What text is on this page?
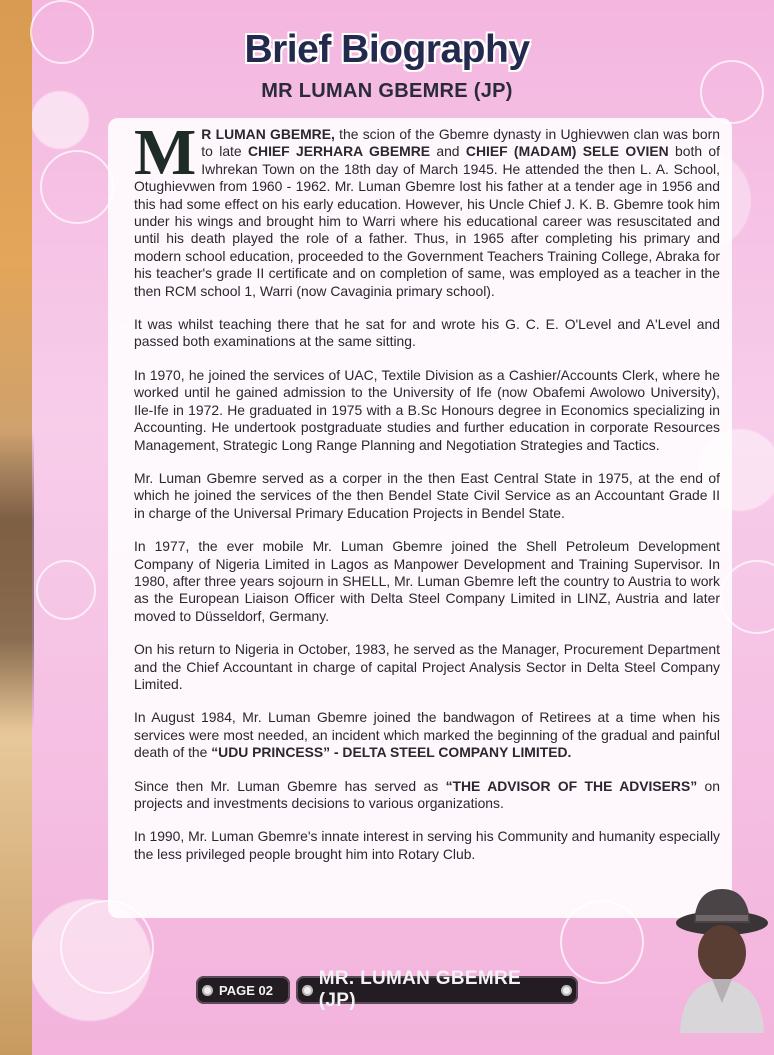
Brief Biography
MR LUMAN GBEMRE (JP)

M R LUMAN GBEMRE, the scion of the Gbemre dynasty in Ughievwen clan was born to late CHIEF JERHARA GBEMRE and CHIEF (MADAM) SELE OVIEN both of Iwhrekan Town on the 18th day of March 1945. He attended the then L. A. School, Otughievwen from 1960 - 1962. Mr. Luman Gbemre lost his father at a tender age in 1956 and this had some effect on his early education. However, his Uncle Chief J. K. B. Gbemre took him under his wings and brought him to Warri where his educational career was resuscitated and until his death played the role of a father. Thus, in 1965 after completing his primary and modern school education, proceeded to the Government Teachers Training College, Abraka for his teacher's grade II certificate and on completion of same, was employed as a teacher in the then RCM school 1, Warri (now Cavaginia primary school).

It was whilst teaching there that he sat for and wrote his G. C. E. O'Level and A'Level and passed both examinations at the same sitting.

In 1970, he joined the services of UAC, Textile Division as a Cashier/Accounts Clerk, where he worked until he gained admission to the University of Ife (now Obafemi Awolowo University), Ile-Ife in 1972. He graduated in 1975 with a B.Sc Honours degree in Economics specializing in Accounting. He undertook postgraduate studies and further education in corporate Resources Management, Strategic Long Range Planning and Negotiation Strategies and Tactics.

Mr. Luman Gbemre served as a corper in the then East Central State in 1975, at the end of which he joined the services of the then Bendel State Civil Service as an Accountant Grade II in charge of the Universal Primary Education Projects in Bendel State.

In 1977, the ever mobile Mr. Luman Gbemre joined the Shell Petroleum Development Company of Nigeria Limited in Lagos as Manpower Development and Training Supervisor. In 1980, after three years sojourn in SHELL, Mr. Luman Gbemre left the country to Austria to work as the European Liaison Officer with Delta Steel Company Limited in LINZ, Austria and later moved to Düsseldorf, Germany.

On his return to Nigeria in October, 1983, he served as the Manager, Procurement Department and the Chief Accountant in charge of capital Project Analysis Sector in Delta Steel Company Limited.

In August 1984, Mr. Luman Gbemre joined the bandwagon of Retirees at a time when his services were most needed, an incident which marked the beginning of the gradual and painful death of the “UDU PRINCESS” - DELTA STEEL COMPANY LIMITED.

Since then Mr. Luman Gbemre has served as “THE ADVISOR OF THE ADVISERS” on projects and investments decisions to various organizations.

In 1990, Mr. Luman Gbemre's innate interest in serving his Community and humanity especially the less privileged people brought him into Rotary Club.

PAGE 02
MR. LUMAN GBEMRE (JP)
